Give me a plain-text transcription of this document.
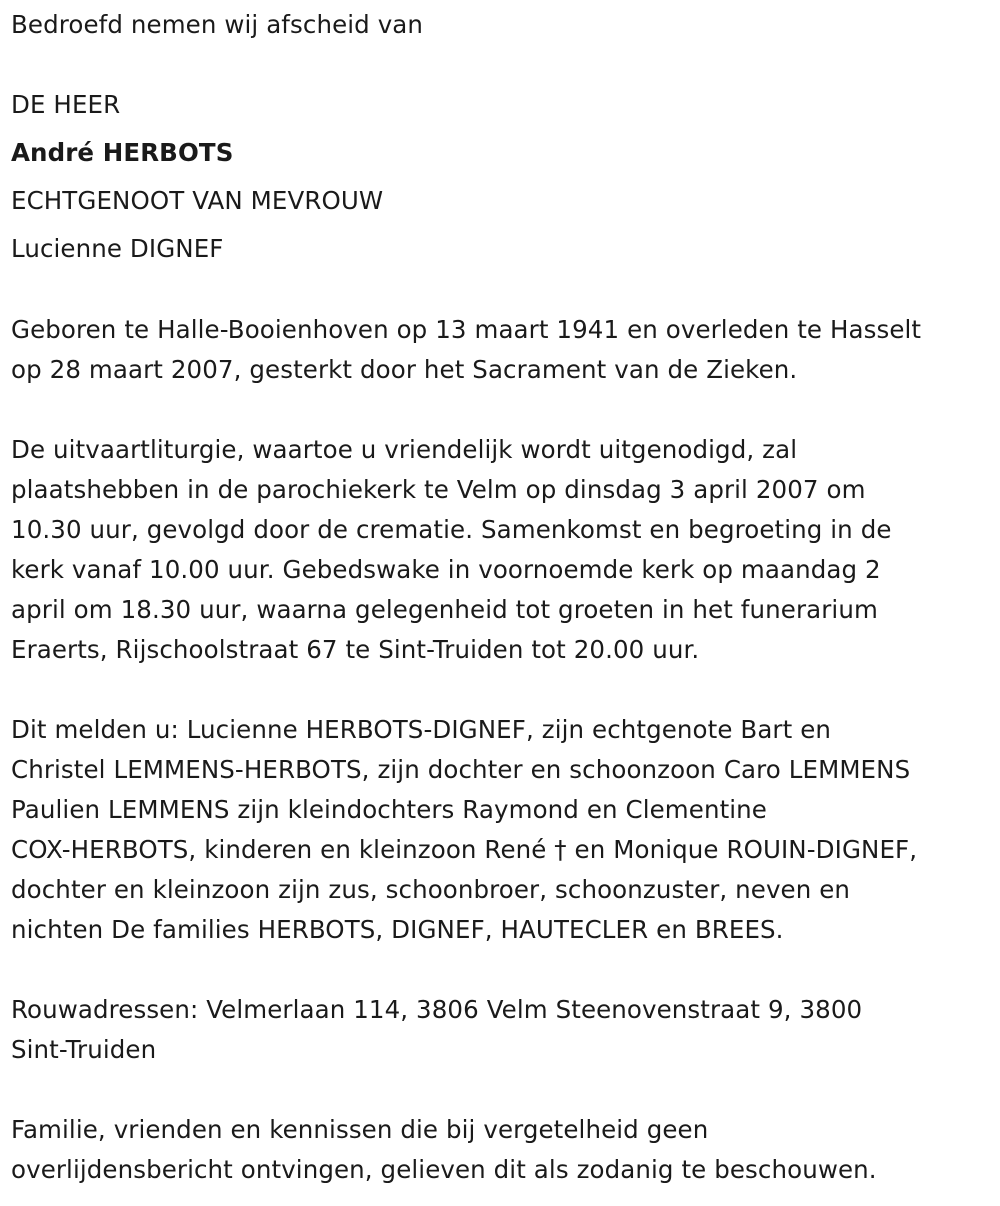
Bedroefd nemen wij afscheid van
DE HEER
André HERBOTS
ECHTGENOOT VAN MEVROUW
Lucienne DIGNEF
Geboren te Halle-Booienhoven op 13 maart 1941 en overleden te Hasselt
op 28 maart 2007, gesterkt door het Sacrament van de Zieken.
De uitvaartliturgie, waartoe u vriendelijk wordt uitgenodigd, zal
plaatshebben in de parochiekerk te Velm op dinsdag 3 april 2007 om
10.30 uur, gevolgd door de crematie. Samenkomst en begroeting in de
kerk vanaf 10.00 uur. Gebedswake in voornoemde kerk op maandag 2
april om 18.30 uur, waarna gelegenheid tot groeten in het funerarium
Eraerts, Rijschoolstraat 67 te Sint-Truiden tot 20.00 uur.
Dit melden u: Lucienne HERBOTS-DIGNEF, zijn echtgenote Bart en
Christel LEMMENS-HERBOTS, zijn dochter en schoonzoon Caro LEMMENS
Paulien LEMMENS zijn kleindochters Raymond en Clementine
COX-HERBOTS, kinderen en kleinzoon René † en Monique ROUIN-DIGNEF,
dochter en kleinzoon zijn zus, schoonbroer, schoonzuster, neven en
nichten De families HERBOTS, DIGNEF, HAUTECLER en BREES.
Rouwadressen: Velmerlaan 114, 3806 Velm Steenovenstraat 9, 3800
Sint-Truiden
Familie, vrienden en kennissen die bij vergetelheid geen
overlijdensbericht ontvingen, gelieven dit als zodanig te beschouwen.
